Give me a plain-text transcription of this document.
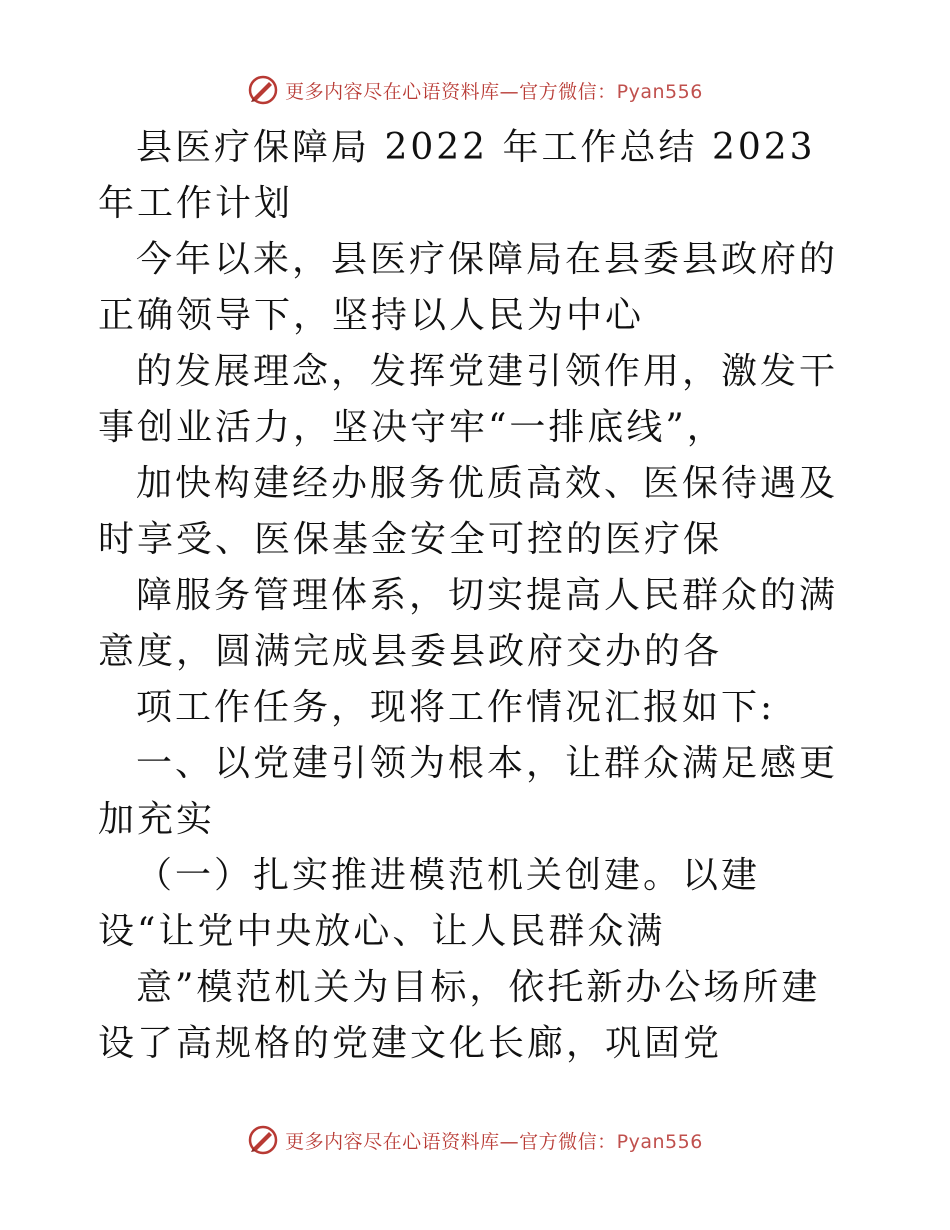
更多内容尽在心语资料库—官方微信：Pyan556

县医疗保障局 2022 年工作总结 2023 年工作计划

今年以来，县医疗保障局在县委县政府的正确领导下，坚持以人民为中心

的发展理念，发挥党建引领作用，激发干事创业活力，坚决守牢“一排底线”，

加快构建经办服务优质高效、医保待遇及时享受、医保基金安全可控的医疗保

障服务管理体系，切实提高人民群众的满意度，圆满完成县委县政府交办的各

项工作任务，现将工作情况汇报如下:

一、以党建引领为根本，让群众满足感更加充实

（一）扎实推进模范机关创建。以建设“让党中央放心、让人民群众满

意”模范机关为目标，依托新办公场所建设了高规格的党建文化长廊，巩固党

更多内容尽在心语资料库—官方微信：Pyan556
